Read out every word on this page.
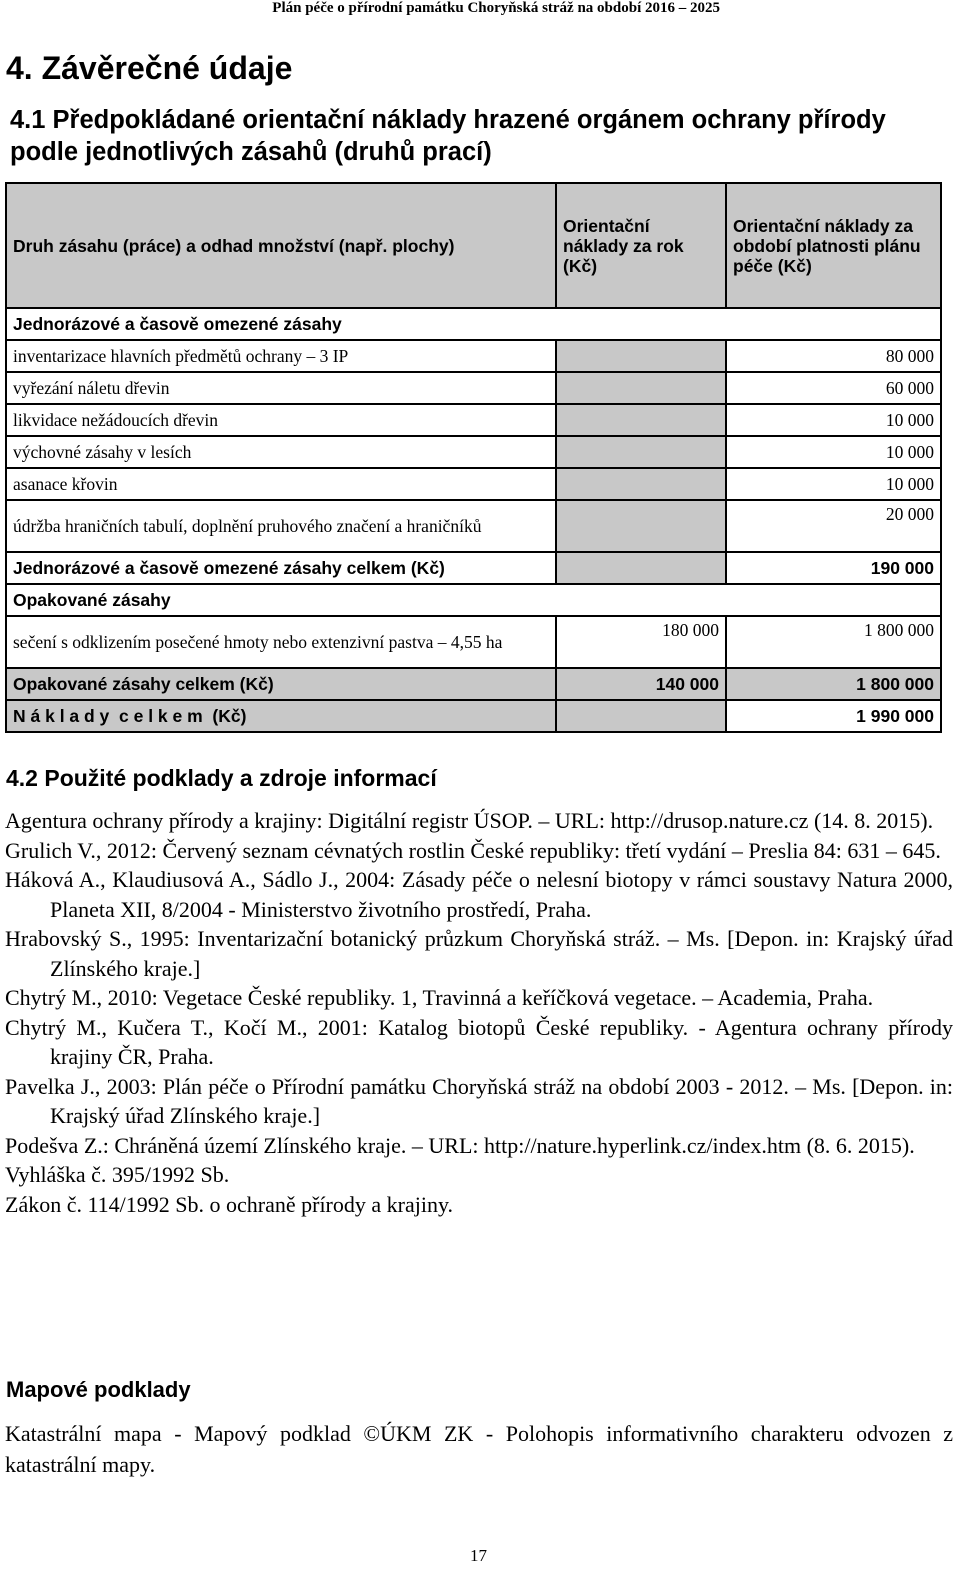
Plán péče o přírodní památku Choryňská stráž na období 2016 – 2025
4. Závěrečné údaje
4.1 Předpokládané orientační náklady hrazené orgánem ochrany přírody podle jednotlivých zásahů (druhů prací)
Druh zásahu (práce) a odhad množství (např. plochy)	Orientační náklady za rok (Kč)	Orientační náklady za období platnosti plánu péče (Kč)
Jednorázové a časově omezené zásahy		
inventarizace hlavních předmětů ochrany – 3 IP		80 000
vyřezání náletu dřevin		60 000
likvidace nežádoucích dřevin		10 000
výchovné zásahy v lesích		10 000
asanace křovin		10 000
údržba hraničních tabulí, doplnění pruhového značení a hraničníků		20 000
Jednorázové a časově omezené zásahy celkem (Kč)		190 000
Opakované zásahy		
sečení s odklizením posečené hmoty nebo extenzivní pastva – 4,55 ha	180 000	1 800 000
Opakované zásahy celkem (Kč)	140 000	1 800 000
N á k l a d y  c e l k e m  (Kč)		1 990 000
4.2 Použité podklady a zdroje informací
Agentura ochrany přírody a krajiny: Digitální registr ÚSOP. – URL: http://drusop.nature.cz (14. 8. 2015).
Grulich V., 2012: Červený seznam cévnatých rostlin České republiky: třetí vydání – Preslia 84: 631 – 645.
Háková A., Klaudiusová A., Sádlo J., 2004: Zásady péče o nelesní biotopy v rámci soustavy Natura 2000, Planeta XII, 8/2004 - Ministerstvo životního prostředí, Praha.
Hrabovský S., 1995: Inventarizační botanický průzkum Choryňská stráž. – Ms. [Depon. in: Krajský úřad Zlínského kraje.]
Chytrý M., 2010: Vegetace České republiky. 1, Travinná a keříčková vegetace. – Academia, Praha.
Chytrý M., Kučera T., Kočí M., 2001: Katalog biotopů České republiky. - Agentura ochrany přírody krajiny ČR, Praha.
Pavelka J., 2003: Plán péče o Přírodní památku Choryňská stráž na období 2003 - 2012. – Ms. [Depon. in: Krajský úřad Zlínského kraje.]
Podešva Z.: Chráněná území Zlínského kraje. – URL: http://nature.hyperlink.cz/index.htm (8. 6. 2015).
Vyhláška č. 395/1992 Sb.
Zákon č. 114/1992 Sb. o ochraně přírody a krajiny.
Mapové podklady
Katastrální mapa - Mapový podklad ©ÚKM ZK - Polohopis informativního charakteru odvozen z katastrální mapy.
17
